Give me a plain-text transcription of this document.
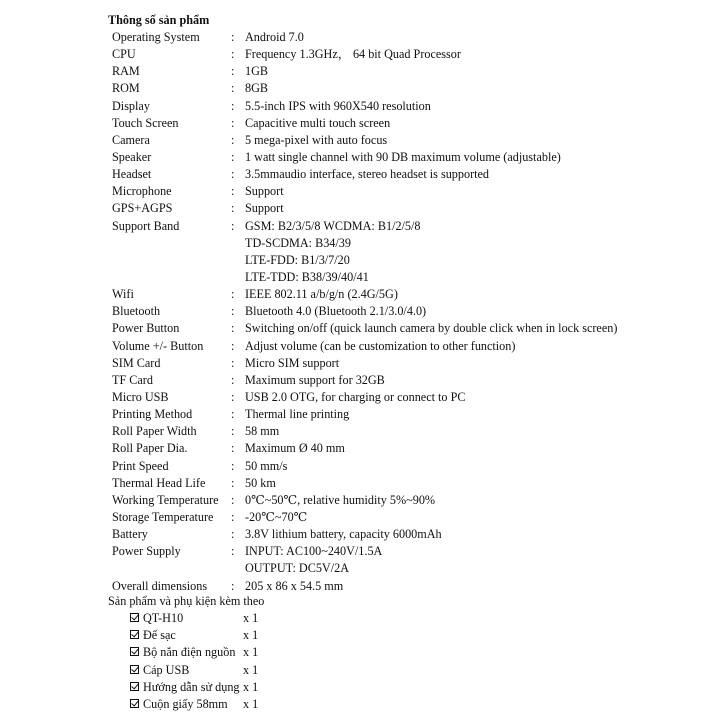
Thông số sản phẩm
Operating System	: Android 7.0
CPU	: Frequency 1.3GHz， 64 bit Quad Processor
RAM	: 1GB
ROM	: 8GB
Display	: 5.5-inch IPS with 960X540 resolution
Touch Screen	: Capacitive multi touch screen
Camera	: 5 mega-pixel with auto focus
Speaker	: 1 watt single channel with 90 DB maximum volume (adjustable)
Headset	: 3.5mmaudio interface, stereo headset is supported
Microphone	: Support
GPS+AGPS	: Support
Support Band	: GSM: B2/3/5/8 WCDMA: B1/2/5/8
TD-SCDMA: B34/39
LTE-FDD: B1/3/7/20
LTE-TDD: B38/39/40/41
Wifi	: IEEE 802.11 a/b/g/n (2.4G/5G)
Bluetooth	: Bluetooth 4.0 (Bluetooth 2.1/3.0/4.0)
Power Button	: Switching on/off (quick launch camera by double click when in lock screen)
Volume +/- Button : Adjust volume (can be customization to other function)
SIM Card	: Micro SIM support
TF Card	: Maximum support for 32GB
Micro USB	: USB 2.0 OTG, for charging or connect to PC
Printing Method	: Thermal line printing
Roll Paper Width	: 58 mm
Roll Paper Dia.	: Maximum Ø 40 mm
Print Speed	: 50 mm/s
Thermal Head Life : 50 km
Working Temperature : 0℃~50℃, relative humidity 5%~90%
Storage Temperature : -20℃~70℃
Battery	: 3.8V lithium battery, capacity 6000mAh
Power Supply	: INPUT: AC100~240V/1.5A
OUTPUT: DC5V/2A
Overall dimensions : 205 x 86 x 54.5 mm
Sản phẩm và phụ kiện kèm theo
QT-H10	x 1
Đế sạc	x 1
Bộ nắn điện nguồn x 1
Cáp USB	x 1
Hướng dẫn sử dụng x 1
Cuộn giấy 58mm x 1
